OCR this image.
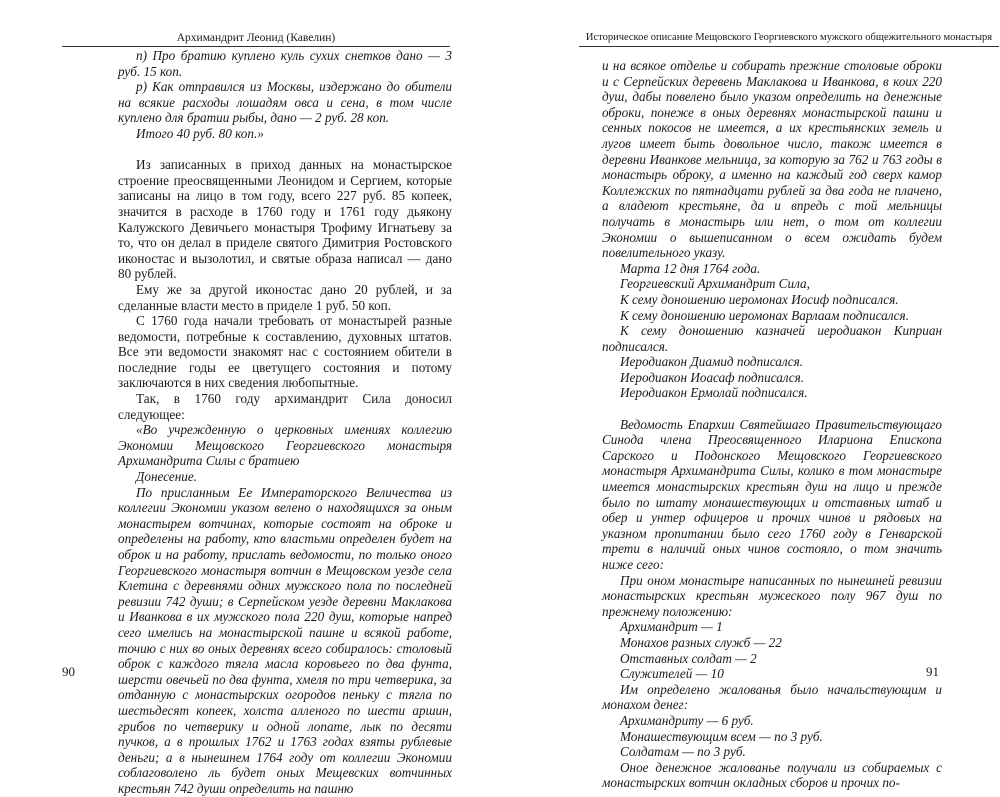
Архимандрит Леонид (Кавелин)

п) Про братию куплено куль сухих снетков дано — 3 руб. 15 коп.

р) Как отправился из Москвы, издержано до обители на всякие расходы лошадям овса и сена, в том числе куплено для братии рыбы, дано — 2 руб. 28 коп.

Итого 40 руб. 80 коп.»

Из записанных в приход данных на монастырское строение преосвященными Леонидом и Сергием, которые записаны на лицо в том году, всего 227 руб. 85 копеек, значится в расходе в 1760 году и 1761 году дьякону Калужского Девичьего монастыря Трофиму Игнатьеву за то, что он делал в приделе святого Димитрия Ростовского иконостас и вызолотил, и святые образа написал — дано 80 рублей.

Ему же за другой иконостас дано 20 рублей, и за сделанные власти место в приделе 1 руб. 50 коп.

С 1760 года начали требовать от монастырей разные ведомости, потребные к составлению, духовных штатов. Все эти ведомости знакомят нас с состоянием обители в последние годы ее цветущего состояния и потому заключаются в них сведения любопытные.

Так, в 1760 году архимандрит Сила доносил следующее:

«Во учрежденную о церковных имениях коллегию Экономии Мещовского Георгиевского монастыря Архимандрита Силы с братиею

Донесение.

По присланным Ее Императорского Величества из коллегии Экономии указом велено о находящихся за оным монастырем вотчинах, которые состоят на оброке и определены на работу, кто властьми определен будет на оброк и на работу, прислать ведомости, по только оного Георгиевского монастыря вотчин в Мещовском уезде села Клетина с деревнями одних мужского пола по последней ревизии 742 души; в Серпейском уезде деревни Маклакова и Иванкова в их мужского пола 220 душ, которые напред сего имелись на монастырской пашне и всякой работе, точию с них во оных деревнях всего собиралось: столовый оброк с каждого тягла масла коровьего по два фунта, шерсти овечьей по два фунта, хмеля по три четверика, за отданную с монастырских огородов пеньку с тягла по шестьдесят копеек, холста алленого по шести аршин, грибов по четверику и одной лопате, лык по десяти пучков, а в прошлых 1762 и 1763 годах взяты рублевые деньги; а в нынешнем 1764 году от коллегии Экономии соблаговолено ль будет оных Мещевских вотчинных крестьян 742 души определить на пашню

90
Историческое описание Мещовского Георгиевского мужского общежительного монастыря

и на всякое отделье и собирать прежние столовые оброки и с Серпейских деревень Маклакова и Иванкова, в коих 220 душ, дабы повелено было указом определить на денежные оброки, понеже в оных деревнях монастырской пашни и сенных покосов не имеется, а их крестьянских земель и лугов имеет быть довольное число, також имеется в деревни Иванкове мельница, за которую за 762 и 763 годы в монастырь оброку, а именно на каждый год сверх камор Коллежских по пятнадцати рублей за два года не плачено, а владеют крестьяне, да и впредь с той мельницы получать в монастырь или нет, о том от коллегии Экономии о вышеписанном о всем ожидать будем повелительного указу.

Марта 12 дня 1764 года.

Георгиевский Архимандрит Сила,

К сему доношению иеромонах Иосиф подписался.

К сему доношению иеромонах Варлаам подписался.

К сему доношению казначей иеродиакон Киприан подписался.

Иеродиакон Диамид подписался.

Иеродиакон Иоасаф подписался.

Иеродиакон Ермолай подписался.

Ведомость Епархии Святейшаго Правительствующаго Синода члена Преосвященного Илариона Епископа Сарского и Подонского Мещовского Георгиевского монастыря Архимандрита Силы, колико в том монастыре имеется монастырских крестьян душ на лицо и прежде было по штату монашествующих и отставных штаб и обер и унтер офицеров и прочих чинов и рядовых на указном пропитании было сего 1760 году в Генварской трети в наличий оных чинов состояло, о том значить ниже сего:

При оном монастыре написанных по нынешней ревизии монастырских крестьян мужеского полу 967 душ по прежнему положению:

Архимандрит — 1

Монахов разных служб — 22

Отставных солдат — 2

Служителей — 10

Им определено жалованья было начальствующим и монахом денег:

Архимандриту — 6 руб.

Монашествующим всем — по 3 руб.

Солдатам — по 3 руб.

Оное денежное жалованье получали из собираемых с монастырских вотчин окладных сборов и прочих по-

91
